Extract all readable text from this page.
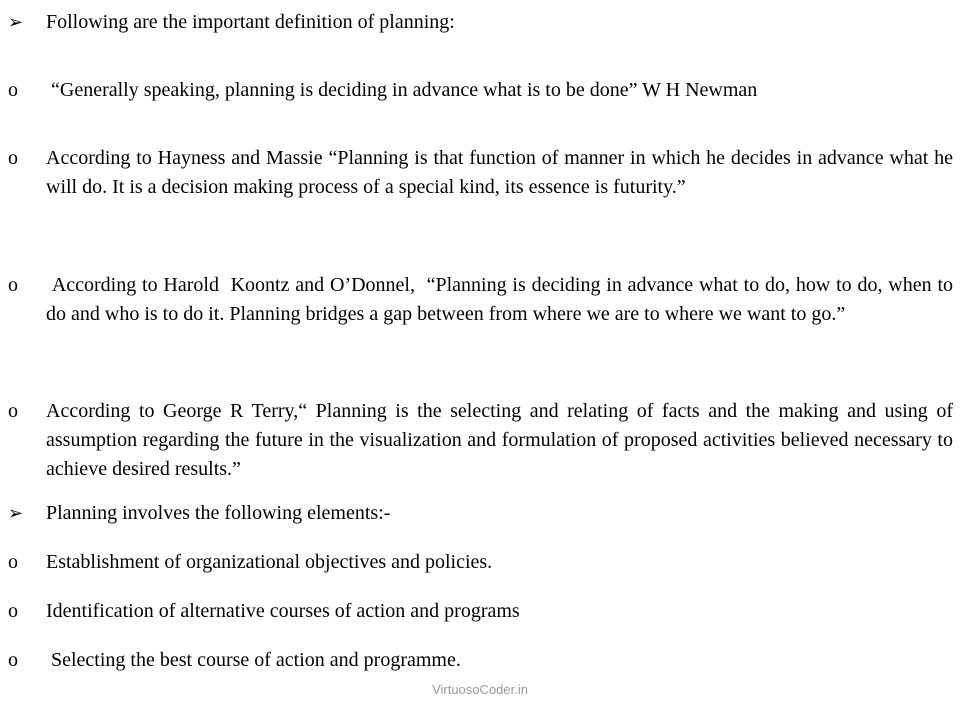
➢	Following are the important definition of planning:
o	“Generally speaking, planning is deciding in advance what is to be done” W H Newman
o	According to Hayness and Massie “Planning is that function of manner in which he decides in advance what he will do. It is a decision making process of a special kind, its essence is futurity.”
o	According to Harold  Koontz and O’Donnel,  “Planning is deciding in advance what to do, how to do, when to do and who is to do it. Planning bridges a gap between from where we are to where we want to go.”
o	According to George R Terry,“ Planning is the selecting and relating of facts and the making and using of assumption regarding the future in the visualization and formulation of proposed activities believed necessary to achieve desired results.”
➢	Planning involves the following elements:-
o	Establishment of organizational objectives and policies.
o	Identification of alternative courses of action and programs
o	Selecting the best course of action and programme.
VirtuosoCoder.in
